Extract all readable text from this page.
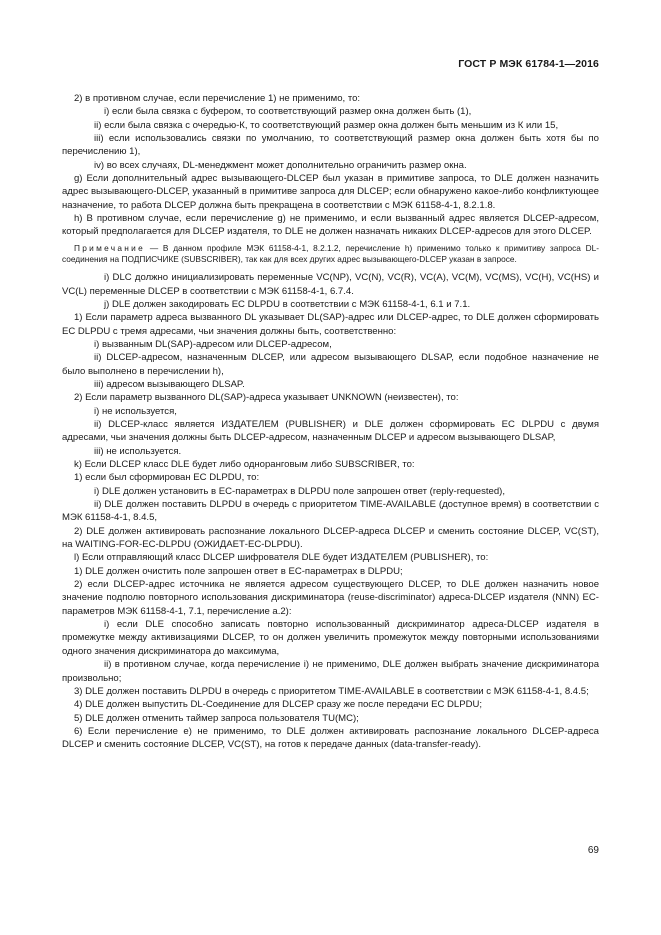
ГОСТ Р МЭК 61784-1—2016

2) в противном случае, если перечисление 1) не применимо, то:

i) если была связка с буфером, то соответствующий размер окна должен быть (1),

ii) если была связка с очередью-К, то соответствующий размер окна должен быть меньшим из К или 15,

iii) если использовались связки по умолчанию, то соответствующий размер окна должен быть хотя бы по перечислению 1),

iv) во всех случаях, DL-менеджмент может дополнительно ограничить размер окна.

g) Если дополнительный адрес вызывающего-DLCEP был указан в примитиве запроса, то DLE должен назначить адрес вызывающего-DLCEP, указанный в примитиве запроса для DLCEP; если обнаружено какое-либо конфликтующее назначение, то работа DLCEP должна быть прекращена в соответствии с МЭК 61158-4-1, 8.2.1.8.

h) В противном случае, если перечисление g) не применимо, и если вызванный адрес является DLCEP-адресом, который предполагается для DLCEP издателя, то DLE не должен назначать никаких DLCEP-адресов для этого DLCEP.

Примечание — В данном профиле МЭК 61158-4-1, 8.2.1.2, перечисление h) применимо только к примитиву запроса DL-соединения на ПОДПИСЧИКЕ (SUBSCRIBER), так как для всех других адрес вызывающего-DLCEP указан в запросе.

i) DLC должно инициализировать переменные VC(NP), VC(N), VC(R), VC(A), VC(M), VC(MS), VC(H), VC(HS) и VC(L) переменные DLCEP в соответствии с МЭК 61158-4-1, 6.7.4.

j) DLE должен закодировать EC DLPDU в соответствии с МЭК 61158-4-1, 6.1 и 7.1.

1) Если параметр адреса вызванного DL указывает DL(SAP)-адрес или DLCEP-адрес, то DLE должен сформировать EC DLPDU с тремя адресами, чьи значения должны быть, соответственно:

i) вызванным DL(SAP)-адресом или DLCEP-адресом,

ii) DLCEP-адресом, назначенным DLCEP, или адресом вызывающего DLSAP, если подобное назначение не было выполнено в перечислении h),

iii) адресом вызывающего DLSAP.

2) Если параметр вызванного DL(SAP)-адреса указывает UNKNOWN (неизвестен), то:

i) не используется,

ii) DLCEP-класс является ИЗДАТЕЛЕМ (PUBLISHER) и DLE должен сформировать EC DLPDU с двумя адресами, чьи значения должны быть DLCEP-адресом, назначенным DLCEP и адресом вызывающего DLSAP,

iii) не используется.

k) Если DLCEP класс DLE будет либо одноранговым либо SUBSCRIBER, то:

1) если был сформирован EC DLPDU, то:

i) DLE должен установить в EC-параметрах в DLPDU поле запрошен ответ (reply-requested),

ii) DLE должен поставить DLPDU в очередь с приоритетом TIME-AVAILABLE (доступное время) в соответствии с МЭК 61158-4-1, 8.4.5,

2) DLE должен активировать распознание локального DLCEP-адреса DLCEP и сменить состояние DLCEP, VC(ST), на WAITING-FOR-EC-DLPDU (ОЖИДАЕТ-EC-DLPDU).

l) Если отправляющий класс DLCEP шифрователя DLE будет ИЗДАТЕЛЕМ (PUBLISHER), то:

1) DLE должен очистить поле запрошен ответ в EC-параметрах в DLPDU;

2) если DLCEP-адрес источника не является адресом существующего DLCEP, то DLE должен назначить новое значение подполю повторного использования дискриминатора (reuse-discriminator) адреса-DLCEP издателя (NNN) EC-параметров МЭК 61158-4-1, 7.1, перечисление a.2):

i) если DLE способно записать повторно использованный дискриминатор адреса-DLCEP издателя в промежутке между активизациями DLCEP, то он должен увеличить промежуток между повторными использованиями одного значения дискриминатора до максимума,

ii) в противном случае, когда перечисление i) не применимо, DLE должен выбрать значение дискриминатора произвольно;

3) DLE должен поставить DLPDU в очередь с приоритетом TIME-AVAILABLE в соответствии с МЭК 61158-4-1, 8.4.5;

4) DLE должен выпустить DL-Соединение для DLCEP сразу же после передачи EC DLPDU;

5) DLE должен отменить таймер запроса пользователя TU(MC);

6) Если перечисление e) не применимо, то DLE должен активировать распознание локального DLCEP-адреса DLCEP и сменить состояние DLCEP, VC(ST), на готов к передаче данных (data-transfer-ready).

69
